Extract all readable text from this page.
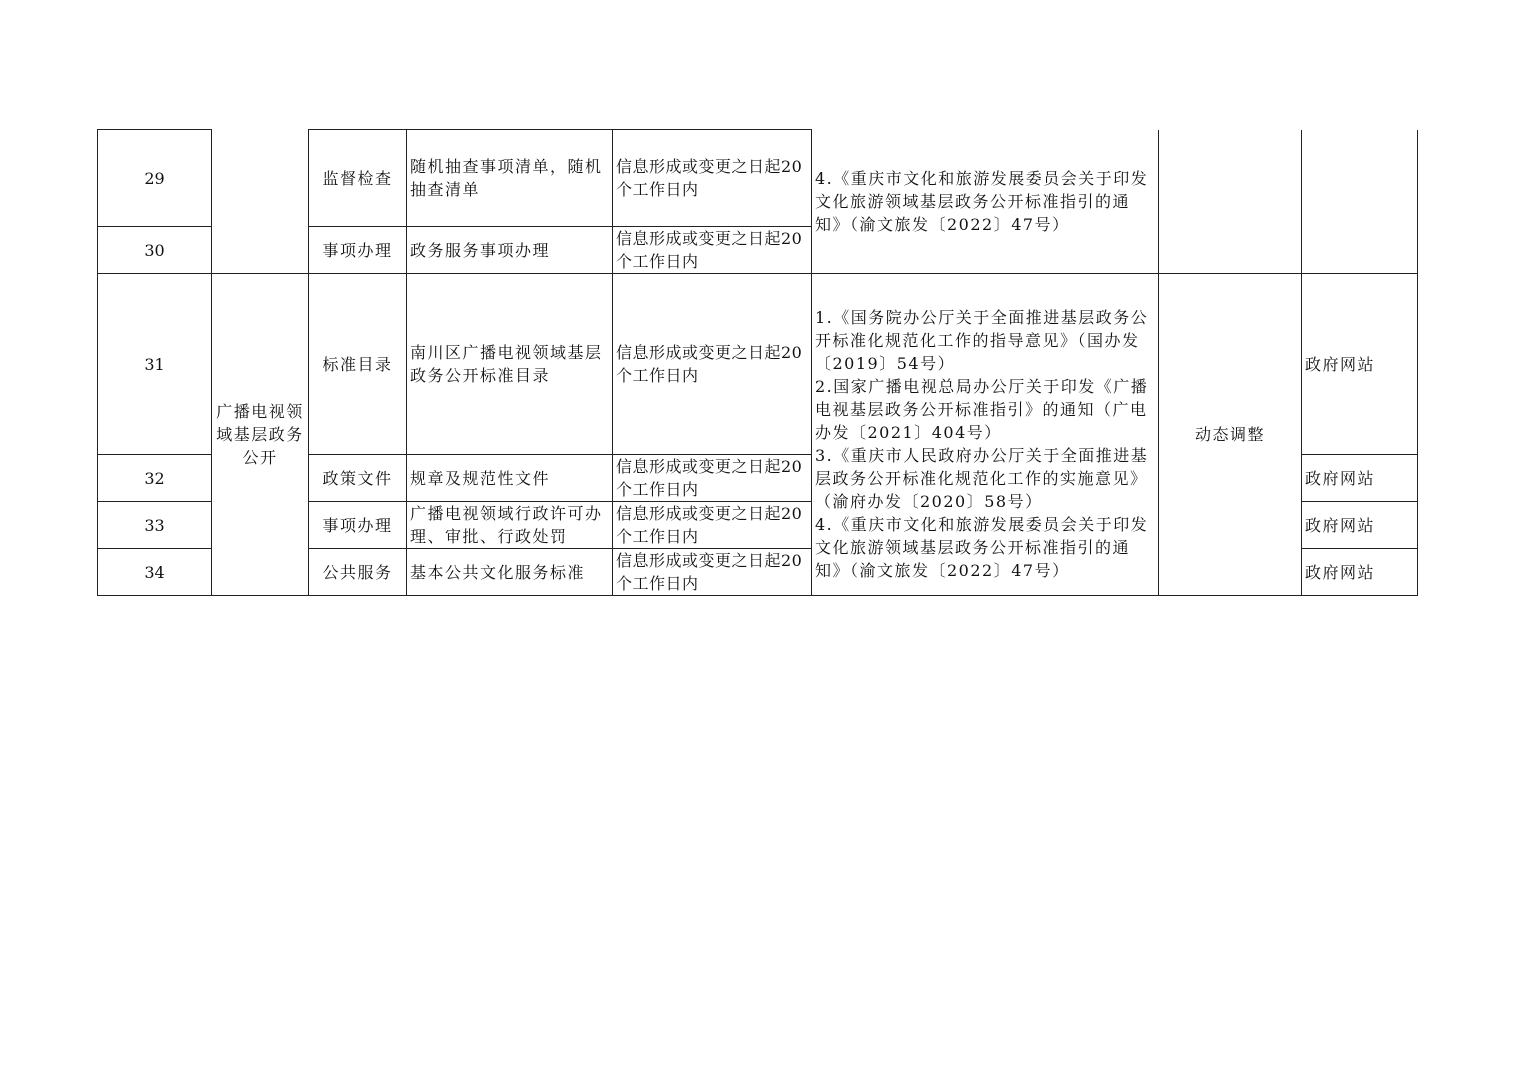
29		监督检查	随机抽查事项清单，随机抽查清单	信息形成或变更之日起20个工作日内	4.《重庆市文化和旅游发展委员会关于印发文化旅游领域基层政务公开标准指引的通知》（渝文旅发〔2022〕47号）		
30		事项办理	政务服务事项办理	信息形成或变更之日起20个工作日内			
31	广播电视领域基层政务公开	标准目录	南川区广播电视领域基层政务公开标准目录	信息形成或变更之日起20个工作日内	1.《国务院办公厅关于全面推进基层政务公开标准化规范化工作的指导意见》（国办发〔2019〕54号）
2.国家广播电视总局办公厅关于印发《广播电视基层政务公开标准指引》的通知（广电办发〔2021〕404号）
3.《重庆市人民政府办公厅关于全面推进基层政务公开标准化规范化工作的实施意见》（渝府办发〔2020〕58号）
4.《重庆市文化和旅游发展委员会关于印发文化旅游领域基层政务公开标准指引的通知》（渝文旅发〔2022〕47号）	动态调整	政府网站
32		政策文件	规章及规范性文件	信息形成或变更之日起20个工作日内			政府网站
33		事项办理	广播电视领域行政许可办理、审批、行政处罚	信息形成或变更之日起20个工作日内			政府网站
34		公共服务	基本公共文化服务标准	信息形成或变更之日起20个工作日内			政府网站
